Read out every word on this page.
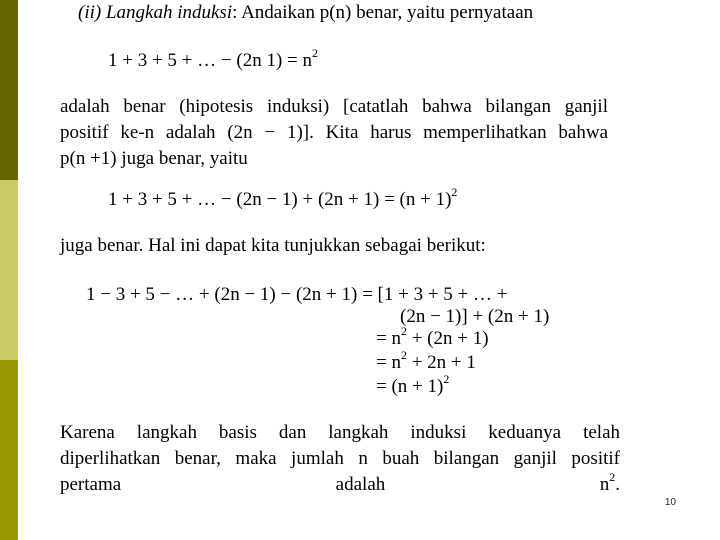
(ii) Langkah induksi: Andaikan p(n) benar, yaitu pernyataan
1 + 3 + 5 + … − (2n $1) = n^2$
adalah benar (hipotesis induksi) [catatlah bahwa bilangan ganjil
positif ke-n adalah (2n − 1)]. Kita harus memperlihatkan bahwa
p(n +1) juga benar, yaitu
1 + 3 + 5 + … − $(2n - 1) + (2n + 1) = (n + 1)^2$
juga benar. Hal ini dapat kita tunjukkan sebagai berikut:
1 − 3 + 5 − … + (2n − 1) − (2n + 1) = [1 + 3 + 5 + … +
(2n − 1)] + (2n + 1)
= $n^2 + (2n + 1)$
= $n^2 + 2n + 1$
= $(n + 1)^2$
Karena langkah basis dan langkah induksi keduanya telah
diperlihatkan benar, maka jumlah n buah bilangan ganjil positif
pertama adalah $n^2$.
10
